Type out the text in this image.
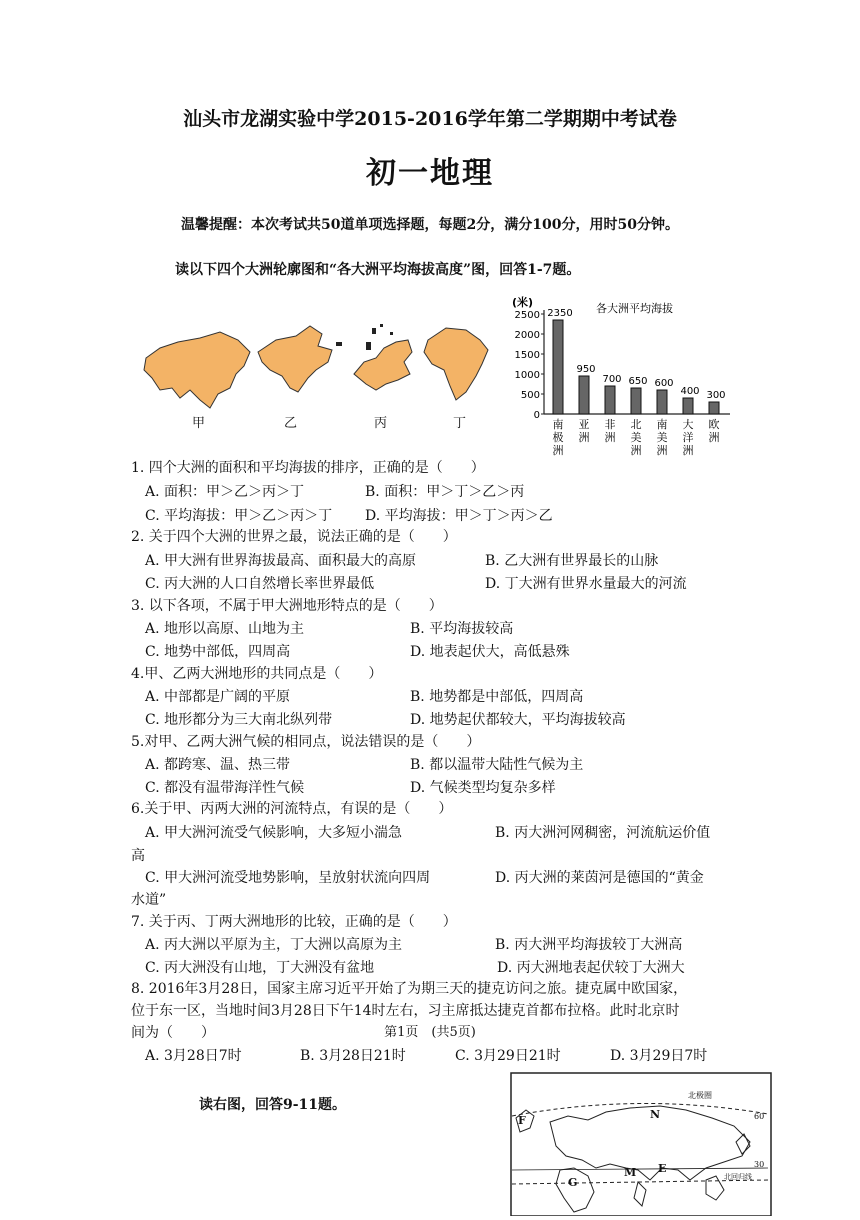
汕头市龙湖实验中学2015-2016学年第二学期期中考试卷
初一地理
温馨提醒：本次考试共50道单项选择题，每题2分，满分100分，用时50分钟。
读以下四个大洲轮廓图和“各大洲平均海拔高度”图，回答1-7题。
甲	乙	丙	丁
(米)	各大洲平均海拔
2500
2000
1500
1000
500
0
2350
南
极
洲
950
亚
洲
700
非
洲
650
北
美
洲
600
南
美
洲
400
大
洋
洲
300
欧
洲
1. 四个大洲的面积和平均海拔的排序，正确的是（　　）
A. 面积：甲＞乙＞丙＞丁	B. 面积：甲＞丁＞乙＞丙
C. 平均海拔：甲＞乙＞丙＞丁 D. 平均海拔：甲＞丁＞丙＞乙
2. 关于四个大洲的世界之最，说法正确的是（　　）
A. 甲大洲有世界海拔最高、面积最大的高原	B. 乙大洲有世界最长的山脉
C. 丙大洲的人口自然增长率世界最低	D. 丁大洲有世界水量最大的河流
3. 以下各项，不属于甲大洲地形特点的是（　　）
A. 地形以高原、山地为主	B. 平均海拔较高
C. 地势中部低，四周高	D. 地表起伏大，高低悬殊
4.甲、乙两大洲地形的共同点是（　　）
A. 中部都是广阔的平原	B. 地势都是中部低，四周高
C. 地形都分为三大南北纵列带	D. 地势起伏都较大，平均海拔较高
5.对甲、乙两大洲气候的相同点，说法错误的是（　　）
A. 都跨寒、温、热三带	B. 都以温带大陆性气候为主
C. 都没有温带海洋性气候	D. 气候类型均复杂多样
6.关于甲、丙两大洲的河流特点，有误的是（　　）
A. 甲大洲河流受气候影响，大多短小湍急	B. 丙大洲河网稠密，河流航运价值
高
C. 甲大洲河流受地势影响，呈放射状流向四周	D. 丙大洲的莱茵河是德国的“黄金
水道”
7. 关于丙、丁两大洲地形的比较，正确的是（　　）
A. 丙大洲以平原为主，丁大洲以高原为主	B. 丙大洲平均海拔较丁大洲高
C. 丙大洲没有山地，丁大洲没有盆地	D. 丙大洲地表起伏较丁大洲大
8. 2016年3月28日，国家主席习近平开始了为期三天的捷克访问之旅。捷克属中欧国家，
位于东一区，当地时间3月28日下午14时左右，习主席抵达捷克首都布拉格。此时北京时
间为（　　）	第1页　(共5页)
A. 3月28日7时	B. 3月28日21时	C. 3月29日21时	D. 3月29日7时
读右图，回答9-11题。
北极圈
60
30
北回归线
F	N
M E
G
